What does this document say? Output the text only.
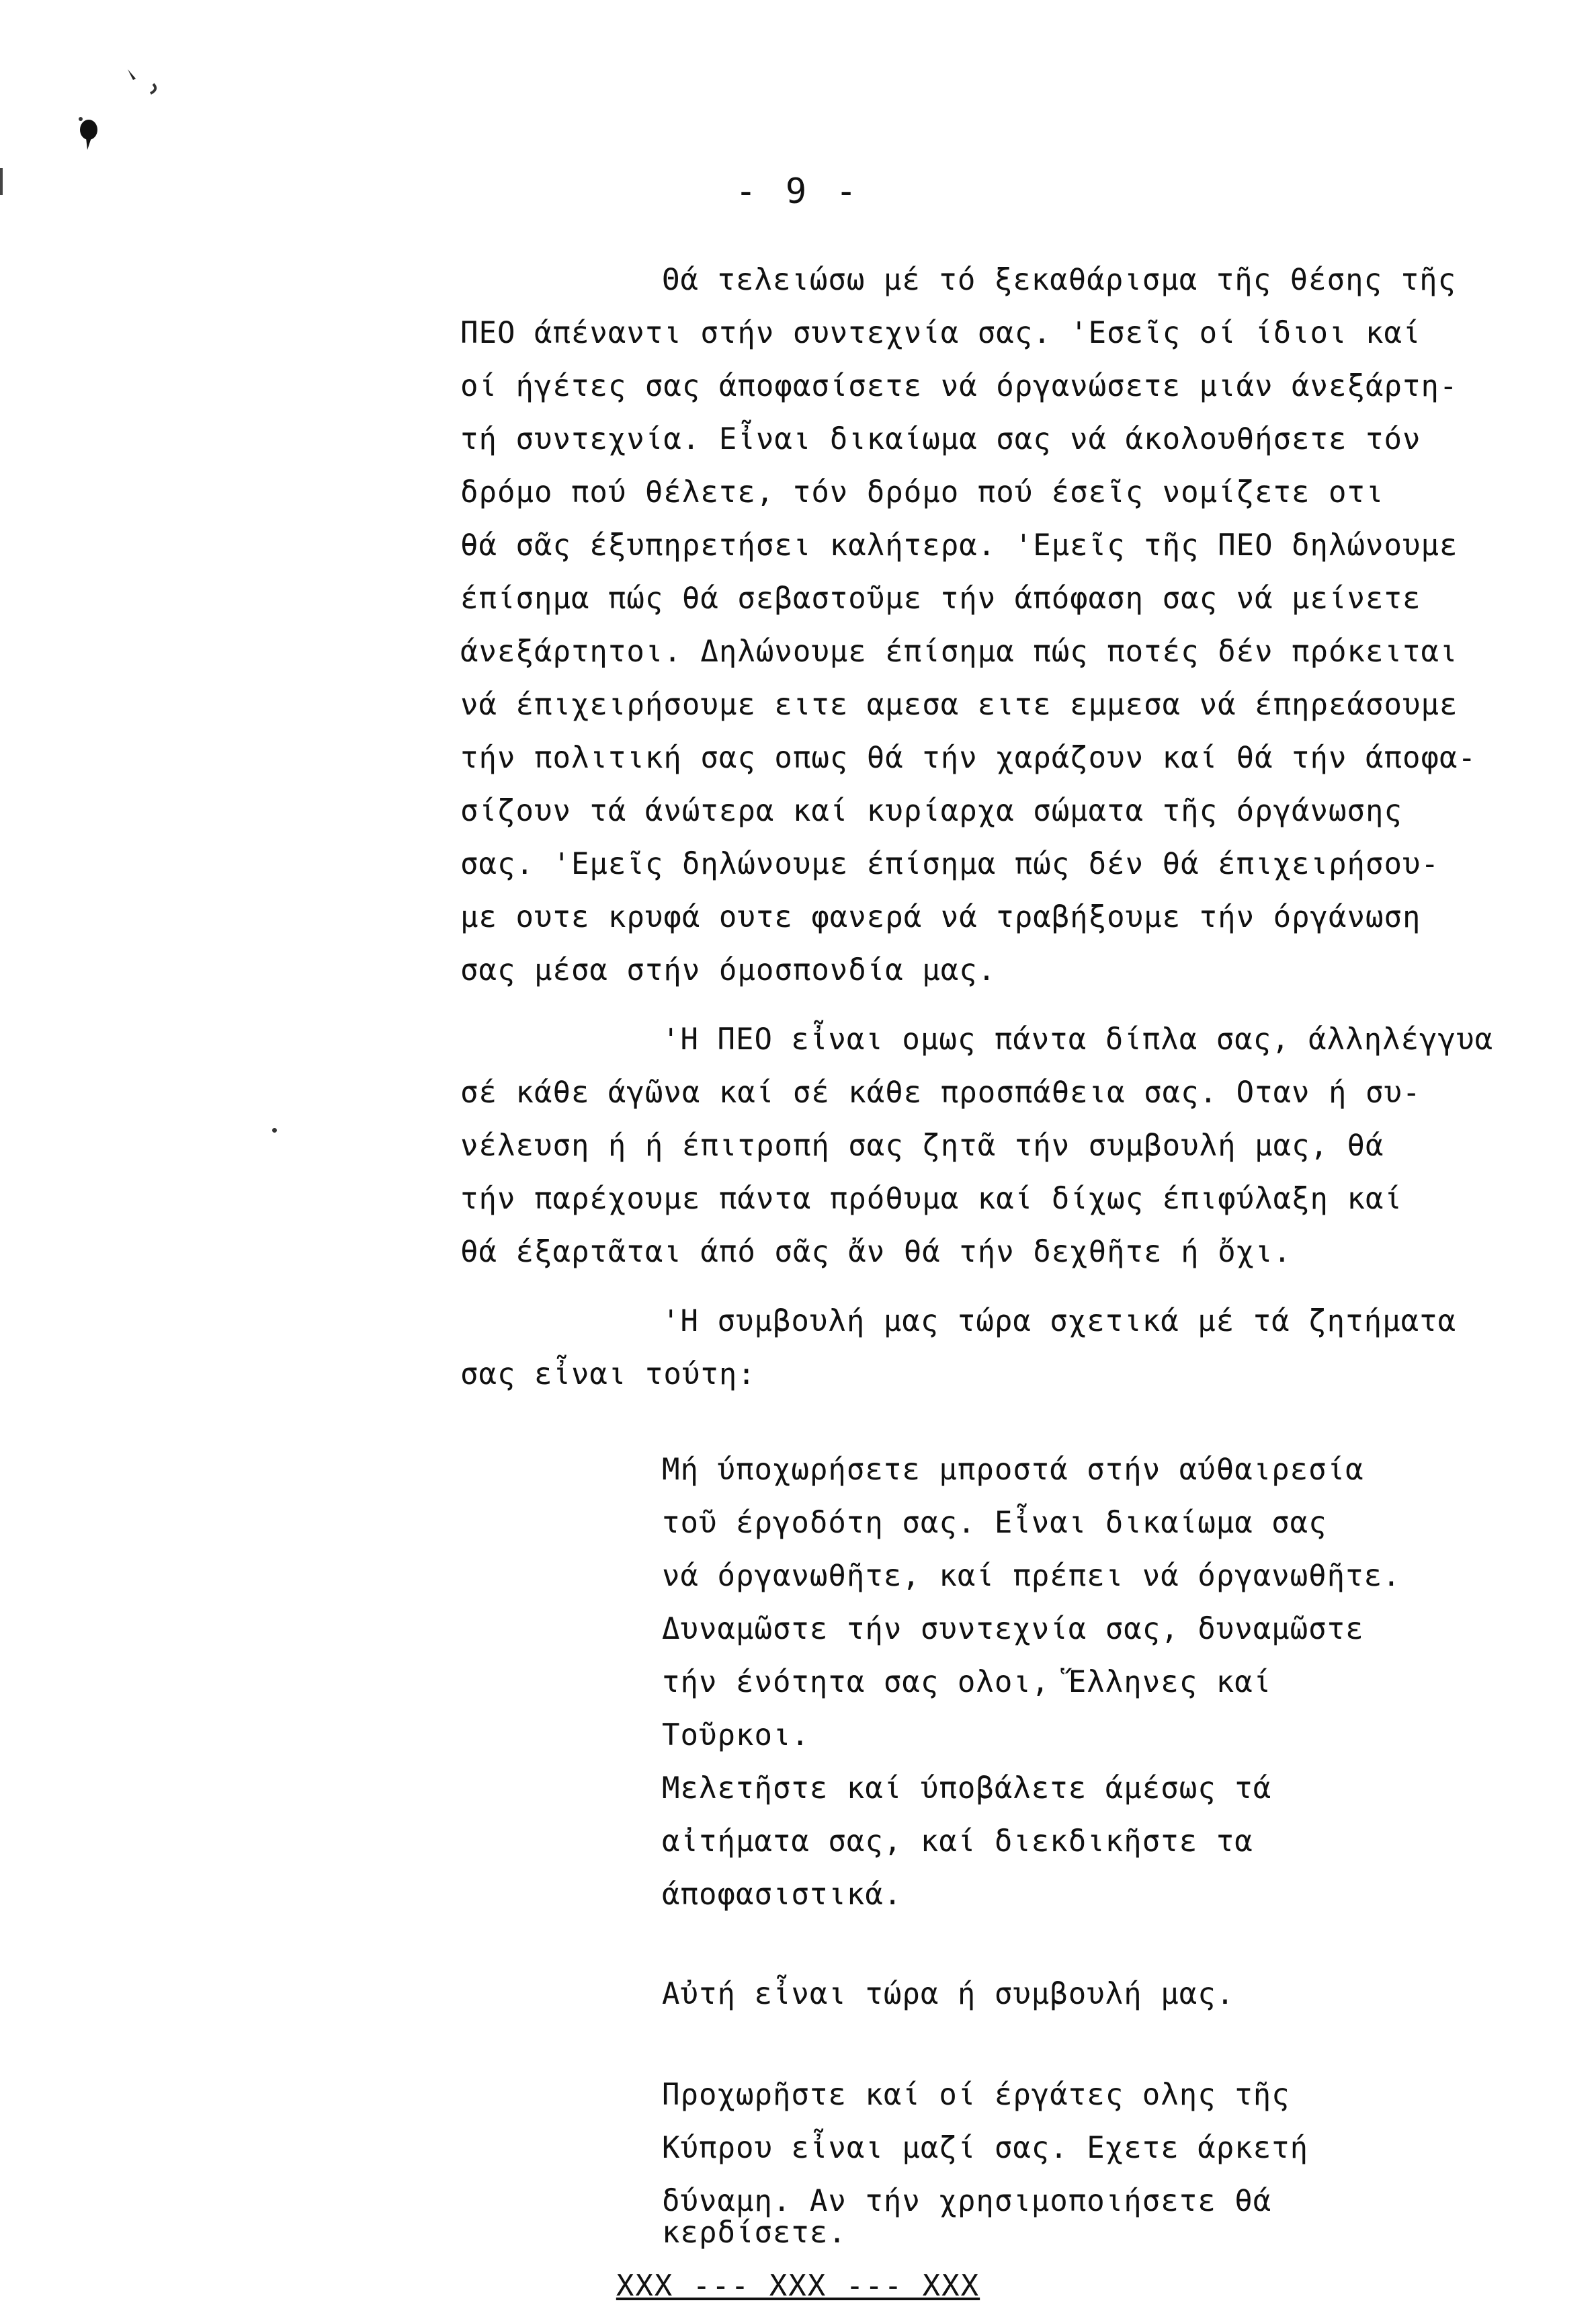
- 9 -
Θά τελειώσω μέ τό ξεκαθάρισμα τῆς θέσης τῆς
ΠΕΟ άπέναντι στήν συντεχνία σας. 'Εσεῖς οί ίδιοι καί
οί ήγέτες σας άποφασίσετε νά όργανώσετε μιάν άνεξάρτη-
τή συντεχνία. Εἶναι δικαίωμα σας νά άκολουθήσετε τόν
δρόμο πού θέλετε, τόν δρόμο πού έσεῖς νομίζετε οτι
θά σᾶς έξυπηρετήσει καλήτερα. 'Εμεῖς τῆς ΠΕΟ δηλώνουμε
έπίσημα πώς θά σεβαστοῦμε τήν άπόφαση σας νά μείνετε
άνεξάρτητοι. Δηλώνουμε έπίσημα πώς ποτές δέν πρόκειται
νά έπιχειρήσουμε ειτε αμεσα ειτε εμμεσα νά έπηρεάσουμε
τήν πολιτική σας οπως θά τήν χαράζουν καί θά τήν άποφα-
σίζουν τά άνώτερα καί κυρίαρχα σώματα τῆς όργάνωσης
σας. 'Εμεῖς δηλώνουμε έπίσημα πώς δέν θά έπιχειρήσου-
με ουτε κρυφά ουτε φανερά νά τραβήξουμε τήν όργάνωση
σας μέσα στήν όμοσπονδία μας.
'Η ΠΕΟ εἶναι ομως πάντα δίπλα σας, άλληλέγγυα
σέ κάθε άγῶνα καί σέ κάθε προσπάθεια σας. Οταν ή συ-
νέλευση ή ή έπιτροπή σας ζητᾶ τήν συμβουλή μας, θά
τήν παρέχουμε πάντα πρόθυμα καί δίχως έπιφύλαξη καί
θά έξαρτᾶται άπό σᾶς ἄν θά τήν δεχθῆτε ή ὄχι.
'Η συμβουλή μας τώρα σχετικά μέ τά ζητήματα
σας εἶναι τούτη:
Μή ύποχωρήσετε μπροστά στήν αύθαιρεσία
τοῦ έργοδότη σας. Εἶναι δικαίωμα σας
νά όργανωθῆτε, καί πρέπει νά όργανωθῆτε.
Δυναμῶστε τήν συντεχνία σας, δυναμῶστε
τήν ένότητα σας ολοι, Ἕλληνες καί
Τοῦρκοι.
Μελετῆστε καί ύποβάλετε άμέσως τά
αἰτήματα σας, καί διεκδικῆστε τα
άποφασιστικά.
Αὐτή εἶναι τώρα ή συμβουλή μας.
Προχωρῆστε καί οί έργάτες ολης τῆς
Κύπρου εἶναι μαζί σας. Εχετε άρκετή
δύναμη. Αν τήν χρησιμοποιήσετε θά
XXX --- XXX --- XXX
κερδίσετε.
